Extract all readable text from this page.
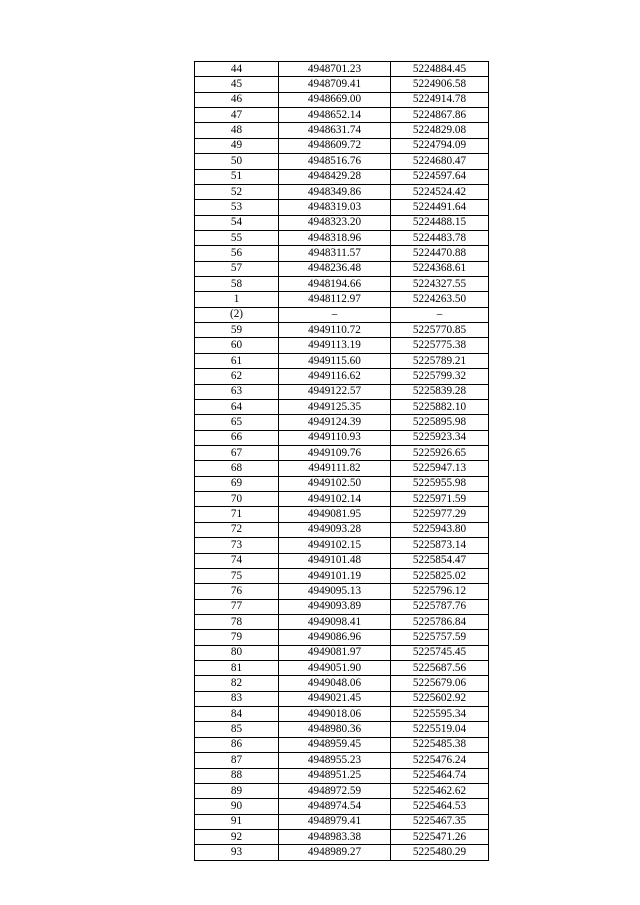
44	4948701.23	5224884.45
45	4948709.41	5224906.58
46	4948669.00	5224914.78
47	4948652.14	5224867.86
48	4948631.74	5224829.08
49	4948609.72	5224794.09
50	4948516.76	5224680.47
51	4948429.28	5224597.64
52	4948349.86	5224524.42
53	4948319.03	5224491.64
54	4948323.20	5224488.15
55	4948318.96	5224483.78
56	4948311.57	5224470.88
57	4948236.48	5224368.61
58	4948194.66	5224327.55
1	4948112.97	5224263.50
(2)	–	–
59	4949110.72	5225770.85
60	4949113.19	5225775.38
61	4949115.60	5225789.21
62	4949116.62	5225799.32
63	4949122.57	5225839.28
64	4949125.35	5225882.10
65	4949124.39	5225895.98
66	4949110.93	5225923.34
67	4949109.76	5225926.65
68	4949111.82	5225947.13
69	4949102.50	5225955.98
70	4949102.14	5225971.59
71	4949081.95	5225977.29
72	4949093.28	5225943.80
73	4949102.15	5225873.14
74	4949101.48	5225854.47
75	4949101.19	5225825.02
76	4949095.13	5225796.12
77	4949093.89	5225787.76
78	4949098.41	5225786.84
79	4949086.96	5225757.59
80	4949081.97	5225745.45
81	4949051.90	5225687.56
82	4949048.06	5225679.06
83	4949021.45	5225602.92
84	4949018.06	5225595.34
85	4948980.36	5225519.04
86	4948959.45	5225485.38
87	4948955.23	5225476.24
88	4948951.25	5225464.74
89	4948972.59	5225462.62
90	4948974.54	5225464.53
91	4948979.41	5225467.35
92	4948983.38	5225471.26
93	4948989.27	5225480.29
